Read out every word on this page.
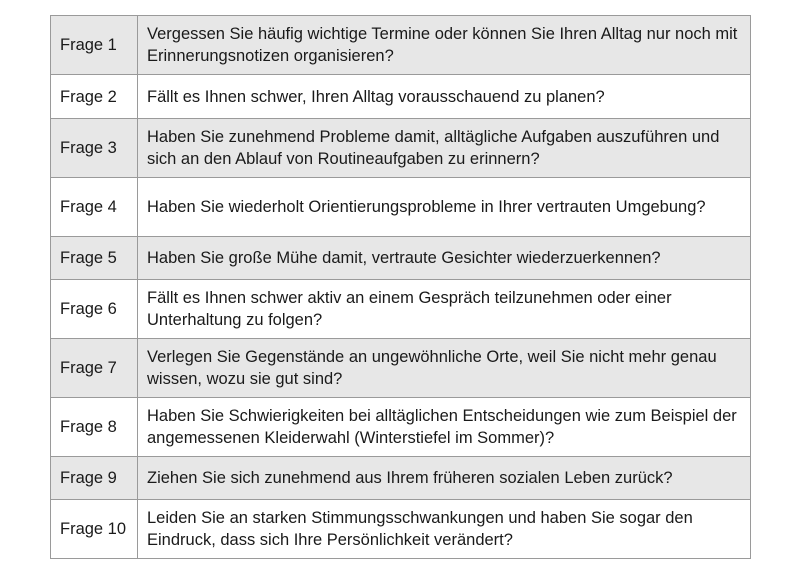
Frage 1	Vergessen Sie häufig wichtige Termine oder können Sie Ihren Alltag nur noch mit Erinnerungsnotizen organisieren?
Frage 2	Fällt es Ihnen schwer, Ihren Alltag vorausschauend zu planen?
Frage 3	Haben Sie zunehmend Probleme damit, alltägliche Aufgaben auszuführen und sich an den Ablauf von Routineaufgaben zu erinnern?
Frage 4	Haben Sie wiederholt Orientierungsprobleme in Ihrer vertrauten Umgebung?
Frage 5	Haben Sie große Mühe damit, vertraute Gesichter wiederzuerkennen?
Frage 6	Fällt es Ihnen schwer aktiv an einem Gespräch teilzunehmen oder einer Unterhaltung zu folgen?
Frage 7	Verlegen Sie Gegenstände an ungewöhnliche Orte, weil Sie nicht mehr genau wissen, wozu sie gut sind?
Frage 8	Haben Sie Schwierigkeiten bei alltäglichen Entscheidungen wie zum Beispiel der angemessenen Kleiderwahl (Winterstiefel im Sommer)?
Frage 9	Ziehen Sie sich zunehmend aus Ihrem früheren sozialen Leben zurück?
Frage 10	Leiden Sie an starken Stimmungsschwankungen und haben Sie sogar den Eindruck, dass sich Ihre Persönlichkeit verändert?
